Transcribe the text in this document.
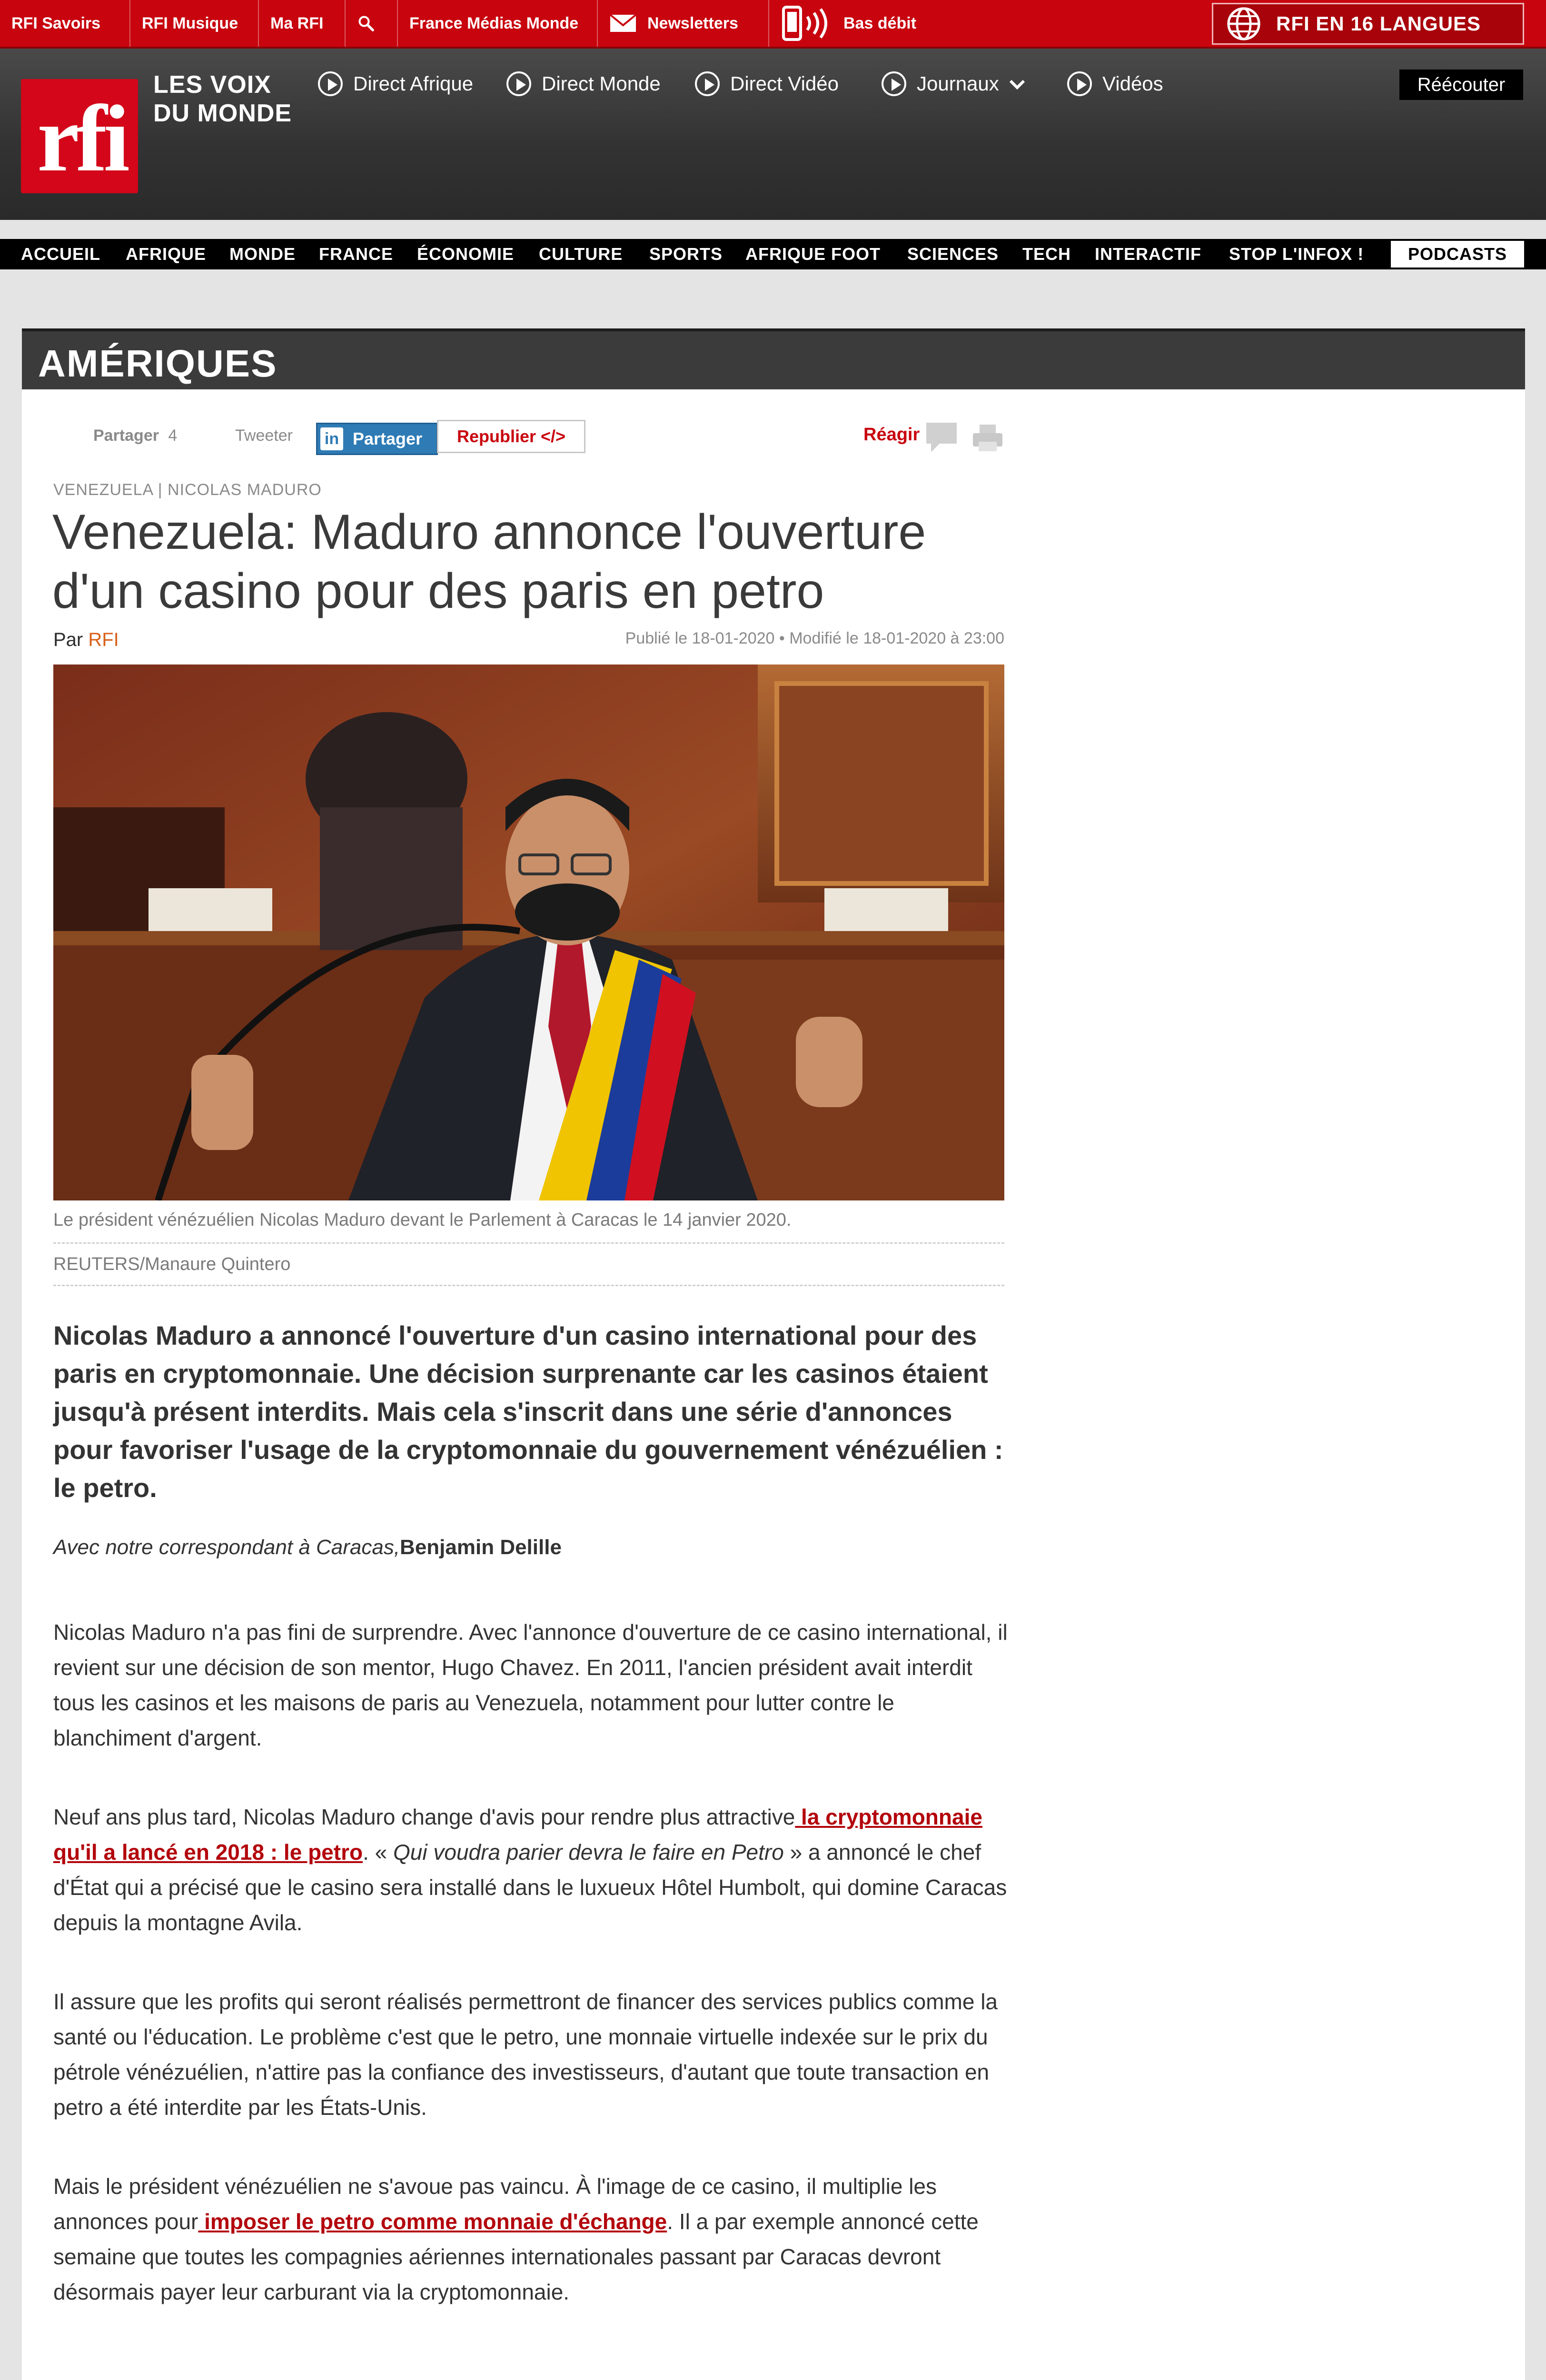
RFI Savoirs	RFI Musique Ma RFI	France Médias Monde	Newsletters	Bas débit	RFI EN 16 LANGUES
rfi
LES VOIX
DU MONDE
Direct Afrique	Direct Monde	Direct Vidéo	Journaux	Vidéos	Réécouter
ACCUEIL AFRIQUE MONDE FRANCE ÉCONOMIE CULTURE SPORTS AFRIQUE FOOT SCIENCES TECH INTERACTIF STOP L'INFOX !	PODCASTS
AMÉRIQUES
Partager 4	Tweeter in Partager	Republier </>	Réagir
VENEZUELA | NICOLAS MADURO
Venezuela: Maduro annonce l'ouverture
d'un casino pour des paris en petro
Par RFI	Publié le 18-01-2020 • Modifié le 18-01-2020 à 23:00
Le président vénézuélien Nicolas Maduro devant le Parlement à Caracas le 14 janvier 2020.
REUTERS/Manaure Quintero

Nicolas Maduro a annoncé l'ouverture d'un casino international pour des paris en cryptomonnaie. Une décision surprenante car les casinos étaient jusqu'à présent interdits. Mais cela s'inscrit dans une série d'annonces pour favoriser l'usage de la cryptomonnaie du gouvernement vénézuélien : le petro.

Avec notre correspondant à Caracas,Benjamin Delille

Nicolas Maduro n'a pas fini de surprendre. Avec l'annonce d'ouverture de ce casino international, il revient sur une décision de son mentor, Hugo Chavez. En 2011, l'ancien président avait interdit tous les casinos et les maisons de paris au Venezuela, notamment pour lutter contre le blanchiment d'argent.

Neuf ans plus tard, Nicolas Maduro change d'avis pour rendre plus attractive la cryptomonnaie qu'il a lancé en 2018 : le petro. « Qui voudra parier devra le faire en Petro » a annoncé le chef d'État qui a précisé que le casino sera installé dans le luxueux Hôtel Humbolt, qui domine Caracas depuis la montagne Avila.

Il assure que les profits qui seront réalisés permettront de financer des services publics comme la santé ou l'éducation. Le problème c'est que le petro, une monnaie virtuelle indexée sur le prix du pétrole vénézuélien, n'attire pas la confiance des investisseurs, d'autant que toute transaction en petro a été interdite par les États-Unis.

Mais le président vénézuélien ne s'avoue pas vaincu. À l'image de ce casino, il multiplie les annonces pour imposer le petro comme monnaie d'échange. Il a par exemple annoncé cette semaine que toutes les compagnies aériennes internationales passant par Caracas devront désormais payer leur carburant via la cryptomonnaie.
